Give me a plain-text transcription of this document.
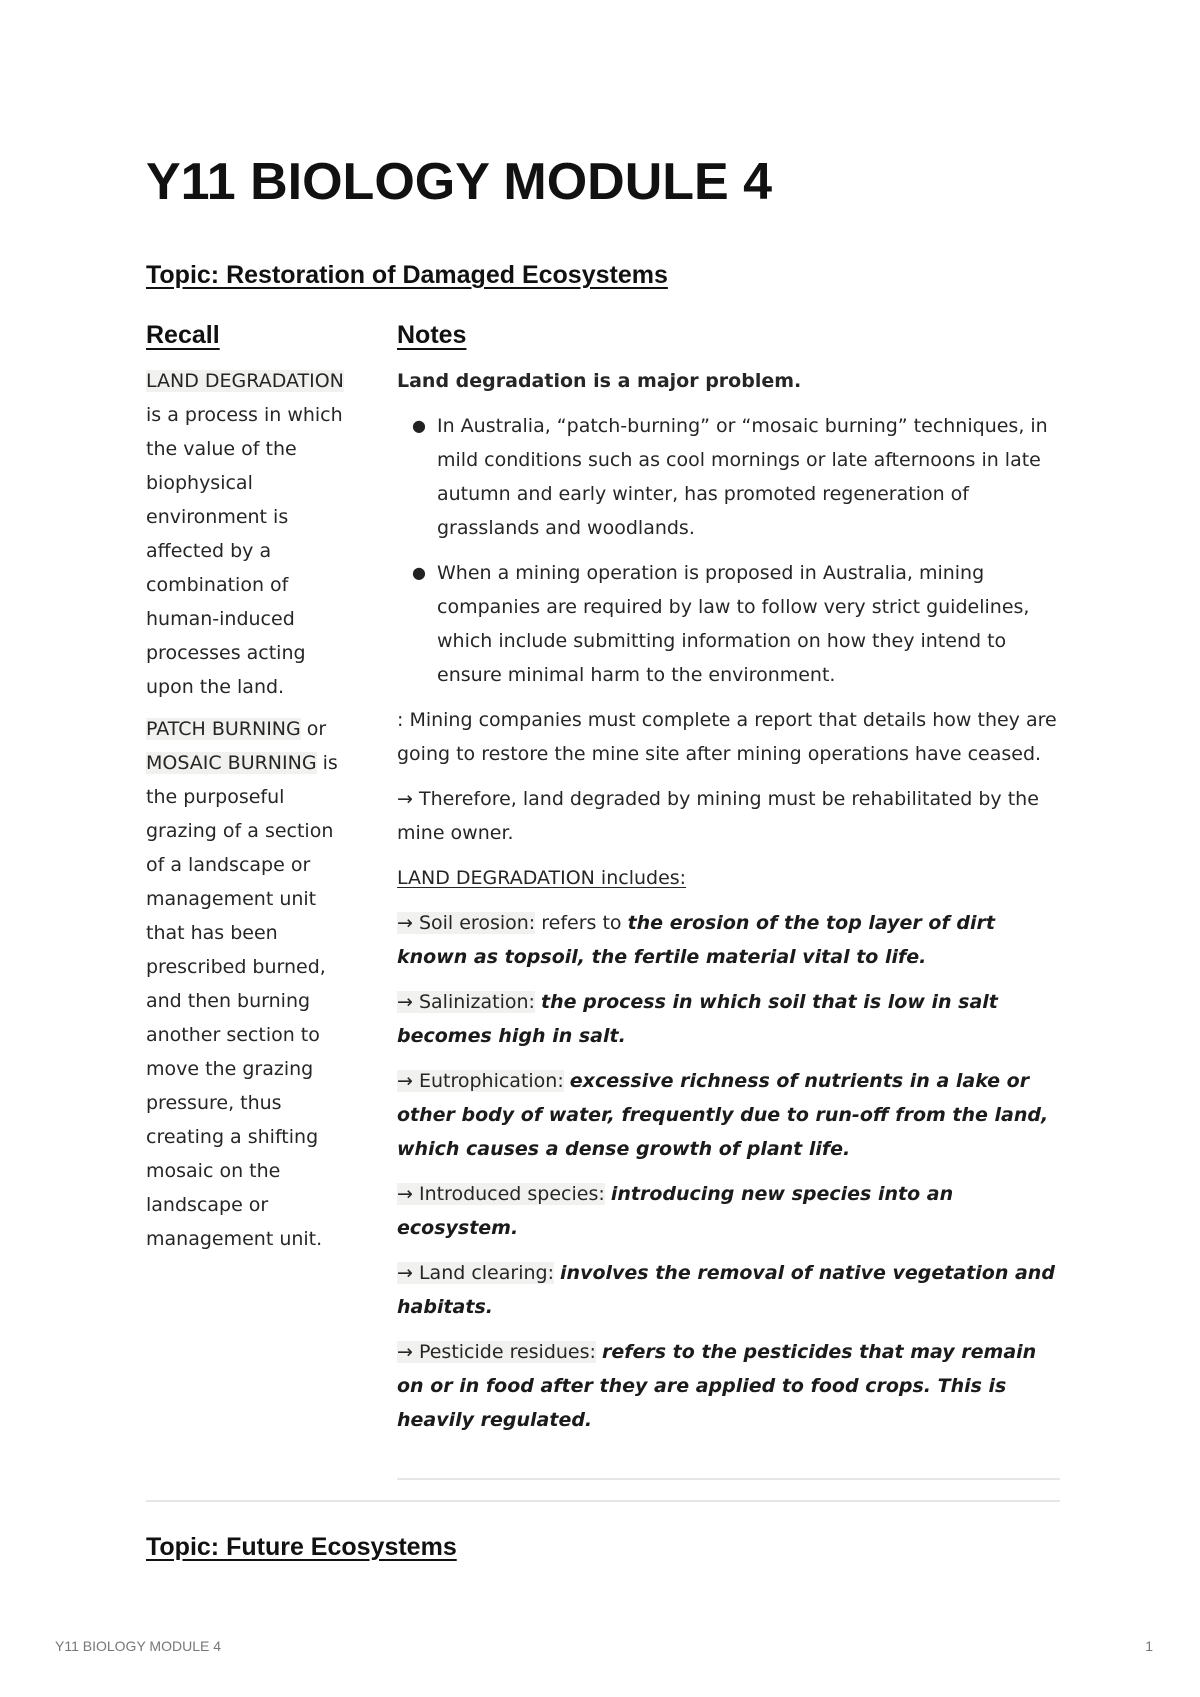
Y11 BIOLOGY MODULE 4
Topic: Restoration of Damaged Ecosystems
Recall	Notes

LAND DEGRADATION is a process in which the value of the biophysical environment is affected by a combination of human-induced processes acting upon the land.

PATCH BURNING or MOSAIC BURNING is the purposeful grazing of a section of a landscape or management unit that has been prescribed burned, and then burning another section to move the grazing pressure, thus creating a shifting mosaic on the landscape or management unit.

Land degradation is a major problem.

● In Australia, “patch-burning” or “mosaic burning” techniques, in mild conditions such as cool mornings or late afternoons in late autumn and early winter, has promoted regeneration of grasslands and woodlands.
● When a mining operation is proposed in Australia, mining companies are required by law to follow very strict guidelines, which include submitting information on how they intend to ensure minimal harm to the environment.

: Mining companies must complete a report that details how they are going to restore the mine site after mining operations have ceased.

→ Therefore, land degraded by mining must be rehabilitated by the mine owner.

LAND DEGRADATION includes:

→ Soil erosion: refers to the erosion of the top layer of dirt known as topsoil, the fertile material vital to life.

→ Salinization: the process in which soil that is low in salt becomes high in salt.

→ Eutrophication: excessive richness of nutrients in a lake or other body of water, frequently due to run-off from the land, which causes a dense growth of plant life.

→ Introduced species: introducing new species into an ecosystem.

→ Land clearing: involves the removal of native vegetation and habitats.

→ Pesticide residues: refers to the pesticides that may remain on or in food after they are applied to food crops. This is heavily regulated.

Topic: Future Ecosystems
Y11 BIOLOGY MODULE 4	1
